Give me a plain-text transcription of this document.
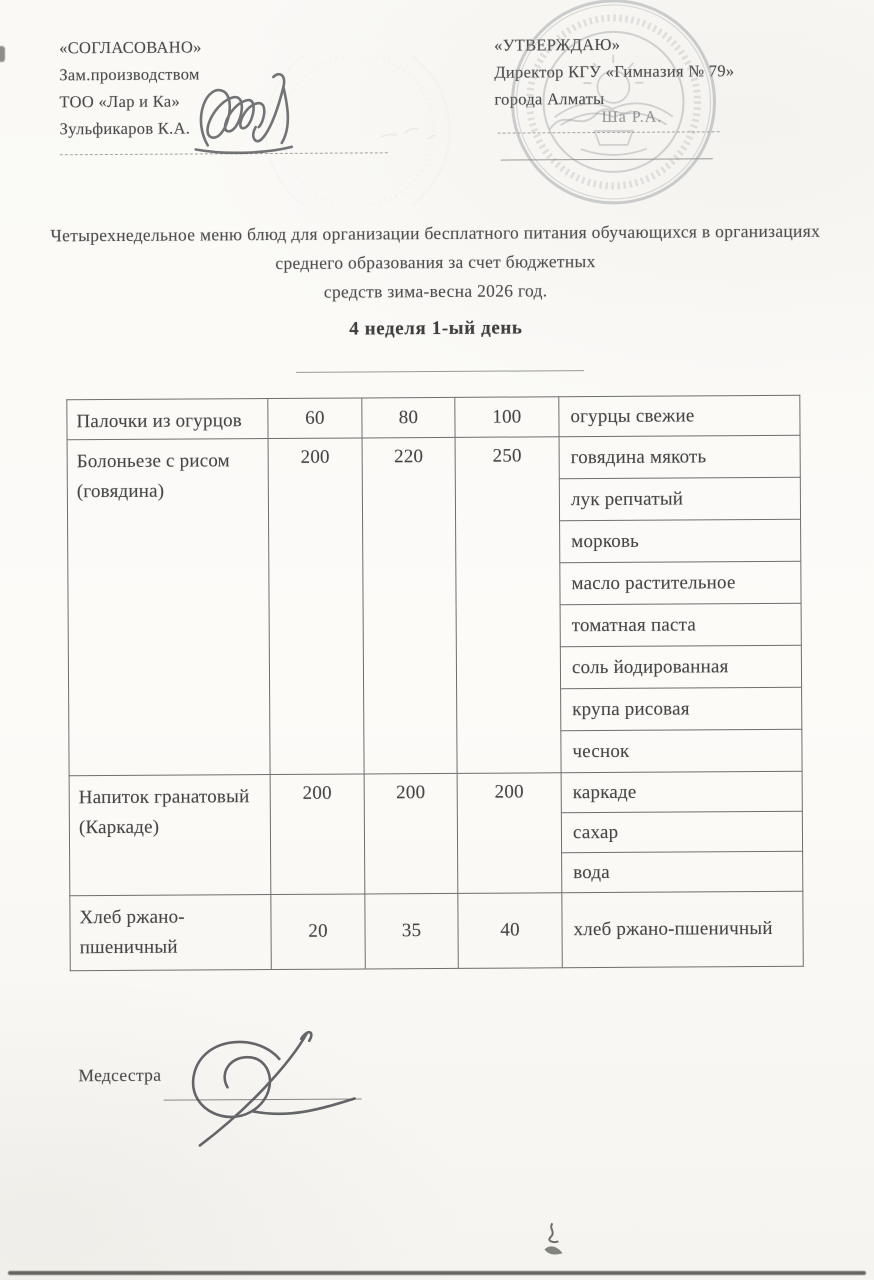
«СОГЛАСОВАНО»
Зам.производством
ТОО «Лар и Ка»
Зульфикаров К.А.
«УТВЕРЖДАЮ»
Директор КГУ «Гимназия № 79»
города Алматы
Ша Р.А.
Четырехнедельное меню блюд для организации бесплатного питания обучающихся в организациях
среднего образования за счет бюджетных
средств зима-весна 2026 год.
4 неделя 1-ый день
Палочки из огурцов	60	80	100	огурцы свежие
Болоньезе с рисом (говядина)	200	220	250	говядина мякоть
				лук репчатый
				морковь
				масло растительное
				томатная паста
				соль йодированная
				крупа рисовая
				чеснок
Напиток гранатовый (Каркаде)	200	200	200	каркаде
				сахар
				вода
Хлеб ржано-пшеничный	20	35	40	хлеб ржано-пшеничный
Медсестра
